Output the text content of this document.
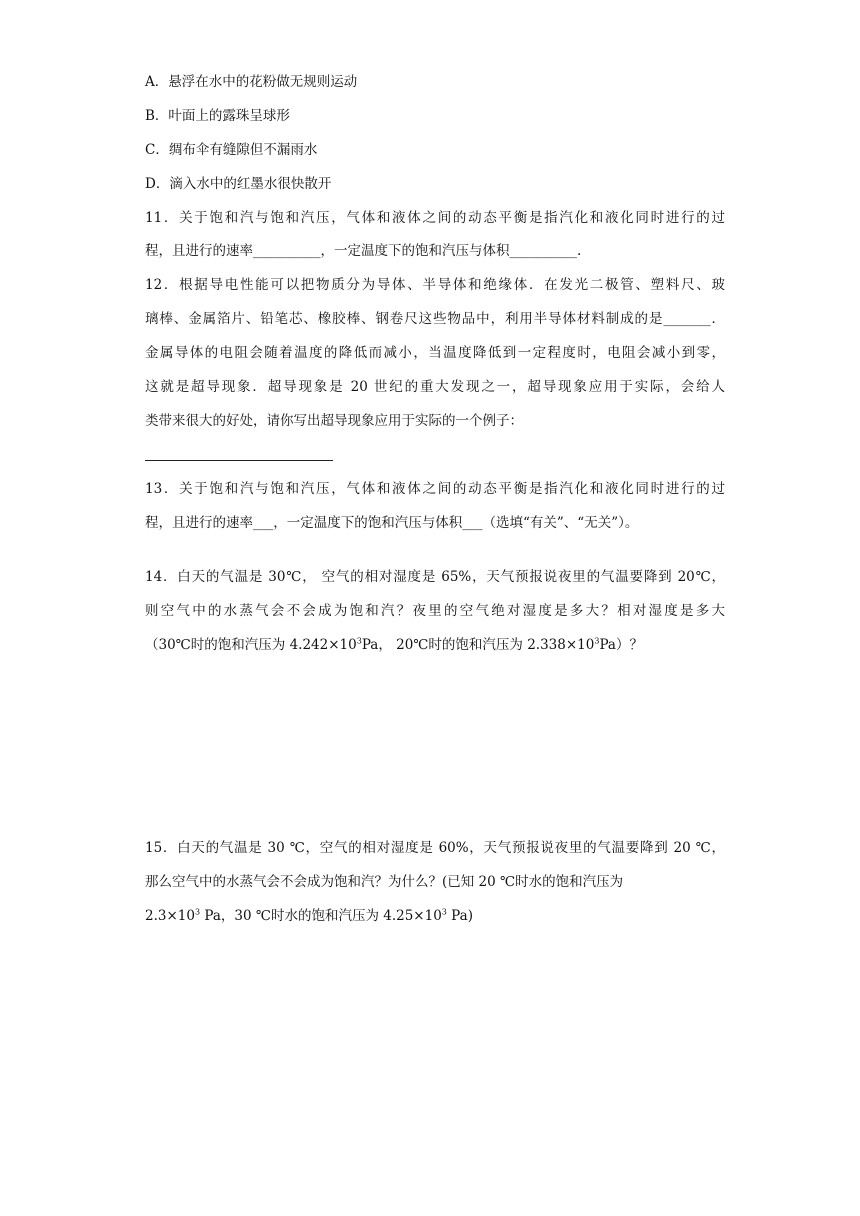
A．悬浮在水中的花粉做无规则运动
B．叶面上的露珠呈球形
C．绸布伞有缝隙但不漏雨水
D．滴入水中的红墨水很快散开
11．关于饱和汽与饱和汽压，气体和液体之间的动态平衡是指汽化和液化同时进行的过
程，且进行的速率__________，一定温度下的饱和汽压与体积__________.
12．根据导电性能可以把物质分为导体、半导体和绝缘体．在发光二极管、塑料尺、玻
璃棒、金属箔片、铅笔芯、橡胶棒、钢卷尺这些物品中，利用半导体材料制成的是_______．
金属导体的电阻会随着温度的降低而减小，当温度降低到一定程度时，电阻会减小到零，
这就是超导现象．超导现象是 20 世纪的重大发现之一，超导现象应用于实际，会给人
类带来很大的好处，请你写出超导现象应用于实际的一个例子：
13．关于饱和汽与饱和汽压，气体和液体之间的动态平衡是指汽化和液化同时进行的过
程，且进行的速率___，一定温度下的饱和汽压与体积___（选填“有关”、“无关”）。
14．白天的气温是 30℃， 空气的相对湿度是 65%，天气预报说夜里的气温要降到 20℃，
则空气中的水蒸气会不会成为饱和汽？夜里的空气绝对湿度是多大？相对湿度是多大
（30℃时的饱和汽压为 $4.242\times 10^3Pa$， 20℃时的饱和汽压为 $2.338\times 10^3Pa$）？
15．白天的气温是 30 ℃，空气的相对湿度是 60%，天气预报说夜里的气温要降到 20 ℃，
那么空气中的水蒸气会不会成为饱和汽？为什么？(已知 20 ℃时水的饱和汽压为
$2.3\times 10^3$ Pa，30 ℃时水的饱和汽压为 $4.25\times 10^3$ Pa)
